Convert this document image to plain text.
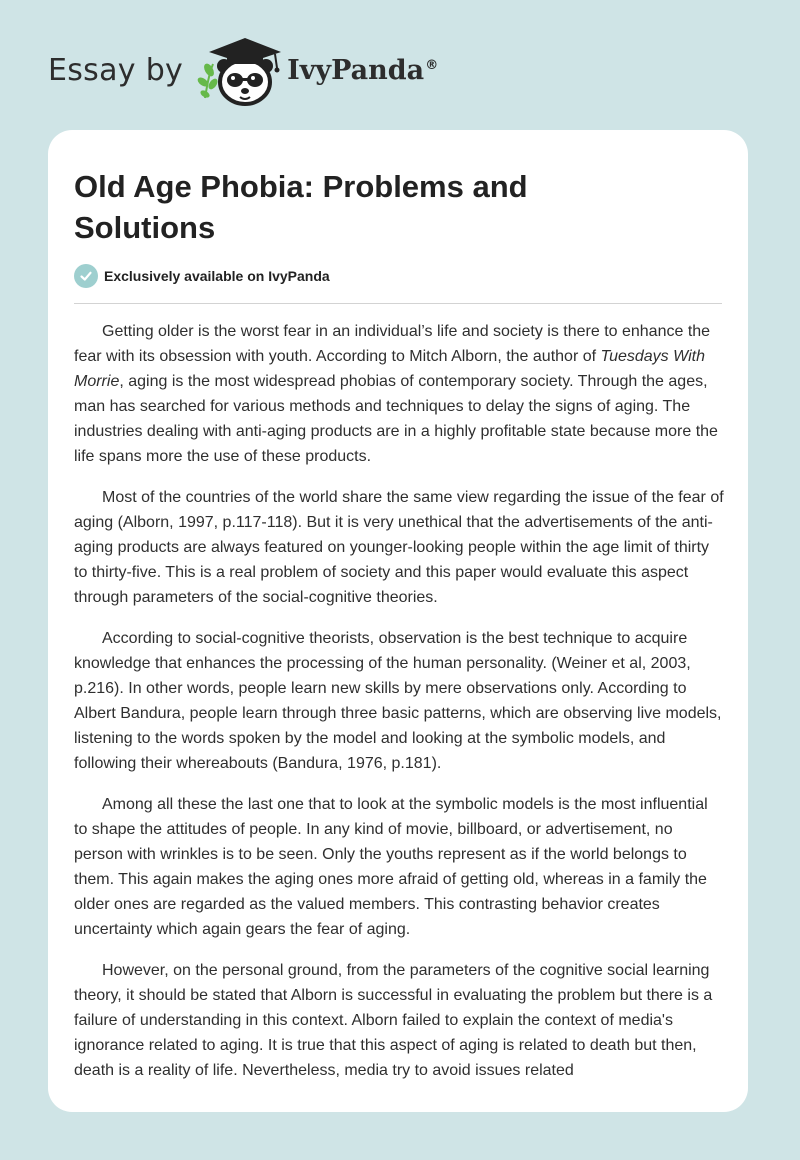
Essay by	IvyPanda®
Old Age Phobia: Problems and Solutions
Exclusively available on IvyPanda

Getting older is the worst fear in an individual’s life and society is there to enhance the fear with its obsession with youth. According to Mitch Alborn, the author of Tuesdays With Morrie, aging is the most widespread phobias of contemporary society. Through the ages, man has searched for various methods and techniques to delay the signs of aging. The industries dealing with anti-aging products are in a highly profitable state because more the life spans more the use of these products.

Most of the countries of the world share the same view regarding the issue of the fear of aging (Alborn, 1997, p.117-118). But it is very unethical that the advertisements of the anti-aging products are always featured on younger-looking people within the age limit of thirty to thirty-five. This is a real problem of society and this paper would evaluate this aspect through parameters of the social-cognitive theories.

According to social-cognitive theorists, observation is the best technique to acquire knowledge that enhances the processing of the human personality. (Weiner et al, 2003, p.216). In other words, people learn new skills by mere observations only. According to Albert Bandura, people learn through three basic patterns, which are observing live models, listening to the words spoken by the model and looking at the symbolic models, and following their whereabouts (Bandura, 1976, p.181).

Among all these the last one that to look at the symbolic models is the most influential to shape the attitudes of people. In any kind of movie, billboard, or advertisement, no person with wrinkles is to be seen. Only the youths represent as if the world belongs to them. This again makes the aging ones more afraid of getting old, whereas in a family the older ones are regarded as the valued members. This contrasting behavior creates uncertainty which again gears the fear of aging.

However, on the personal ground, from the parameters of the cognitive social learning theory, it should be stated that Alborn is successful in evaluating the problem but there is a failure of understanding in this context. Alborn failed to explain the context of media's ignorance related to aging. It is true that this aspect of aging is related to death but then, death is a reality of life. Nevertheless, media try to avoid issues related
